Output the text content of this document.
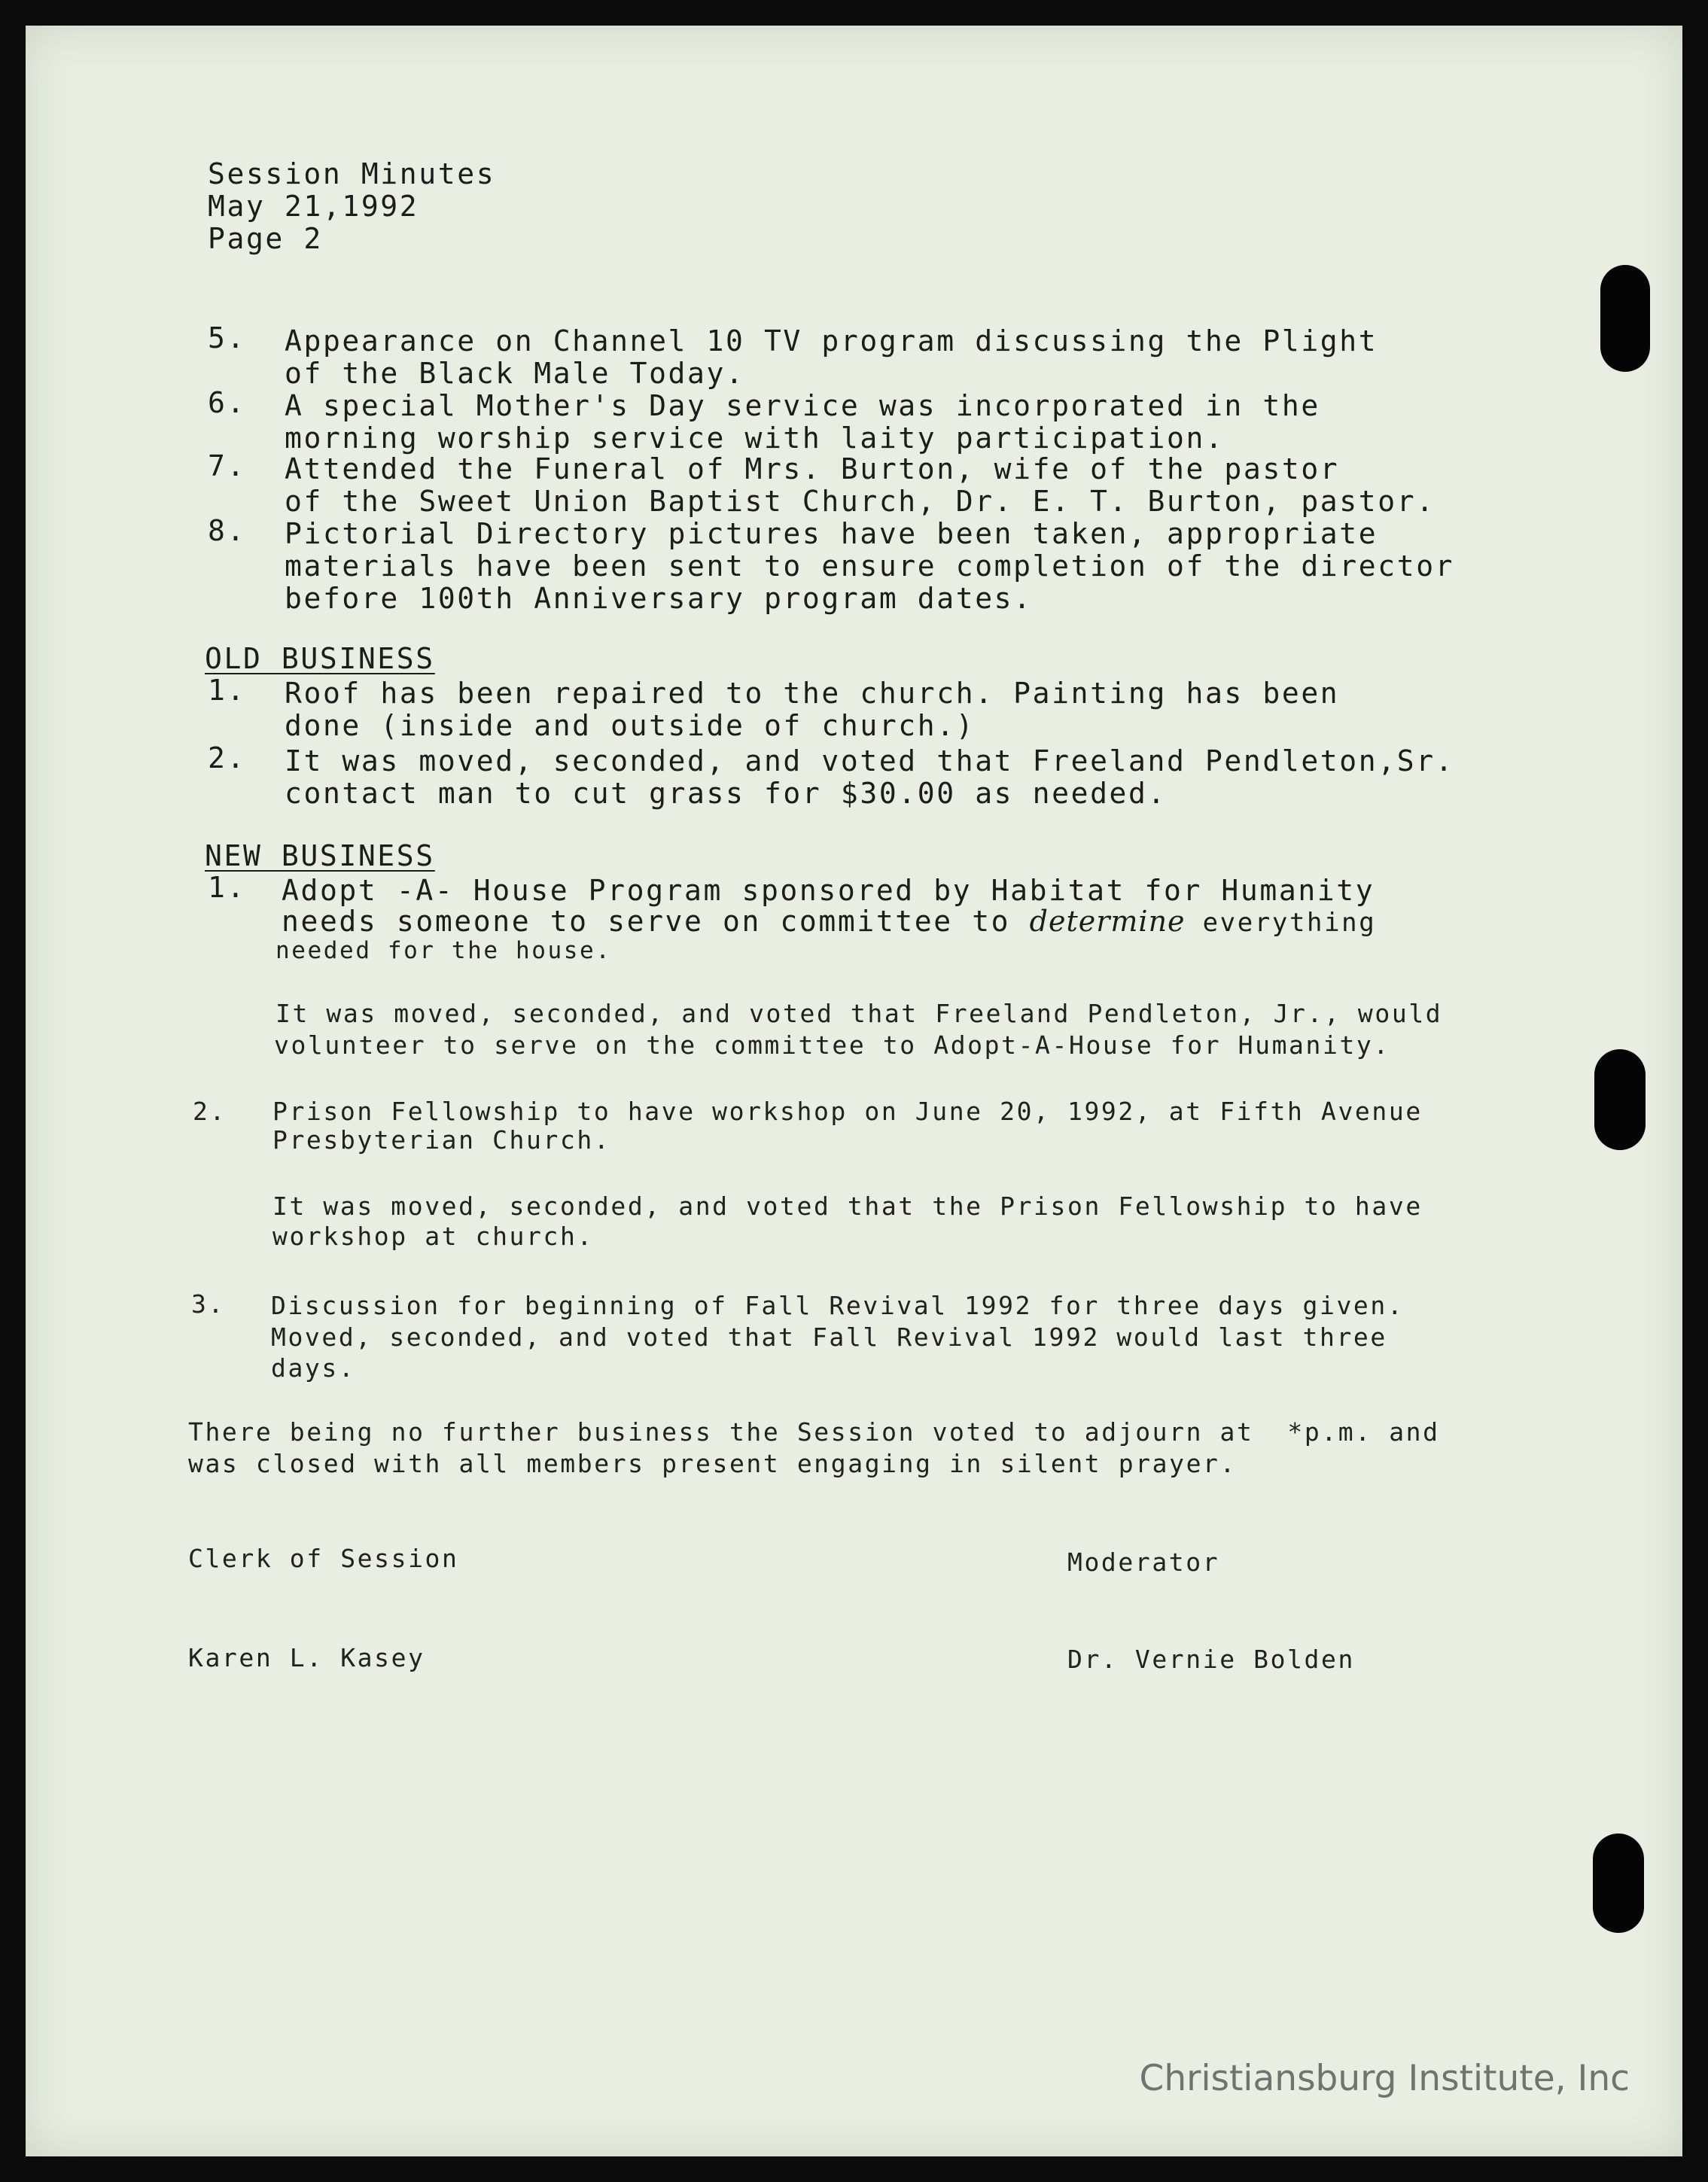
Session Minutes
May 21,1992
Page 2
5. Appearance on Channel 10 TV program discussing the Plight
of the Black Male Today.
6. A special Mother's Day service was incorporated in the
morning worship service with laity participation.
7. Attended the Funeral of Mrs. Burton, wife of the pastor
of the Sweet Union Baptist Church, Dr. E. T. Burton, pastor.
8. Pictorial Directory pictures have been taken, appropriate
materials have been sent to ensure completion of the director
before 100th Anniversary program dates.
OLD BUSINESS
1. Roof has been repaired to the church. Painting has been
done (inside and outside of church.)
2. It was moved, seconded, and voted that Freeland Pendleton,Sr.
contact man to cut grass for $30.00 as needed.
NEW BUSINESS
1. Adopt -A- House Program sponsored by Habitat for Humanity
needs someone to serve on committee to determine everything
needed for the house.
It was moved, seconded, and voted that Freeland Pendleton, Jr., would
volunteer to serve on the committee to Adopt-A-House for Humanity.
2. Prison Fellowship to have workshop on June 20, 1992, at Fifth Avenue
Presbyterian Church.
It was moved, seconded, and voted that the Prison Fellowship to have
workshop at church.
3. Discussion for beginning of Fall Revival 1992 for three days given.
Moved, seconded, and voted that Fall Revival 1992 would last three
days.
There being no further business the Session voted to adjourn at  *p.m. and
was closed with all members present engaging in silent prayer.
Clerk of Session	Moderator
Karen L. Kasey	Dr. Vernie Bolden
Christiansburg Institute, Inc
